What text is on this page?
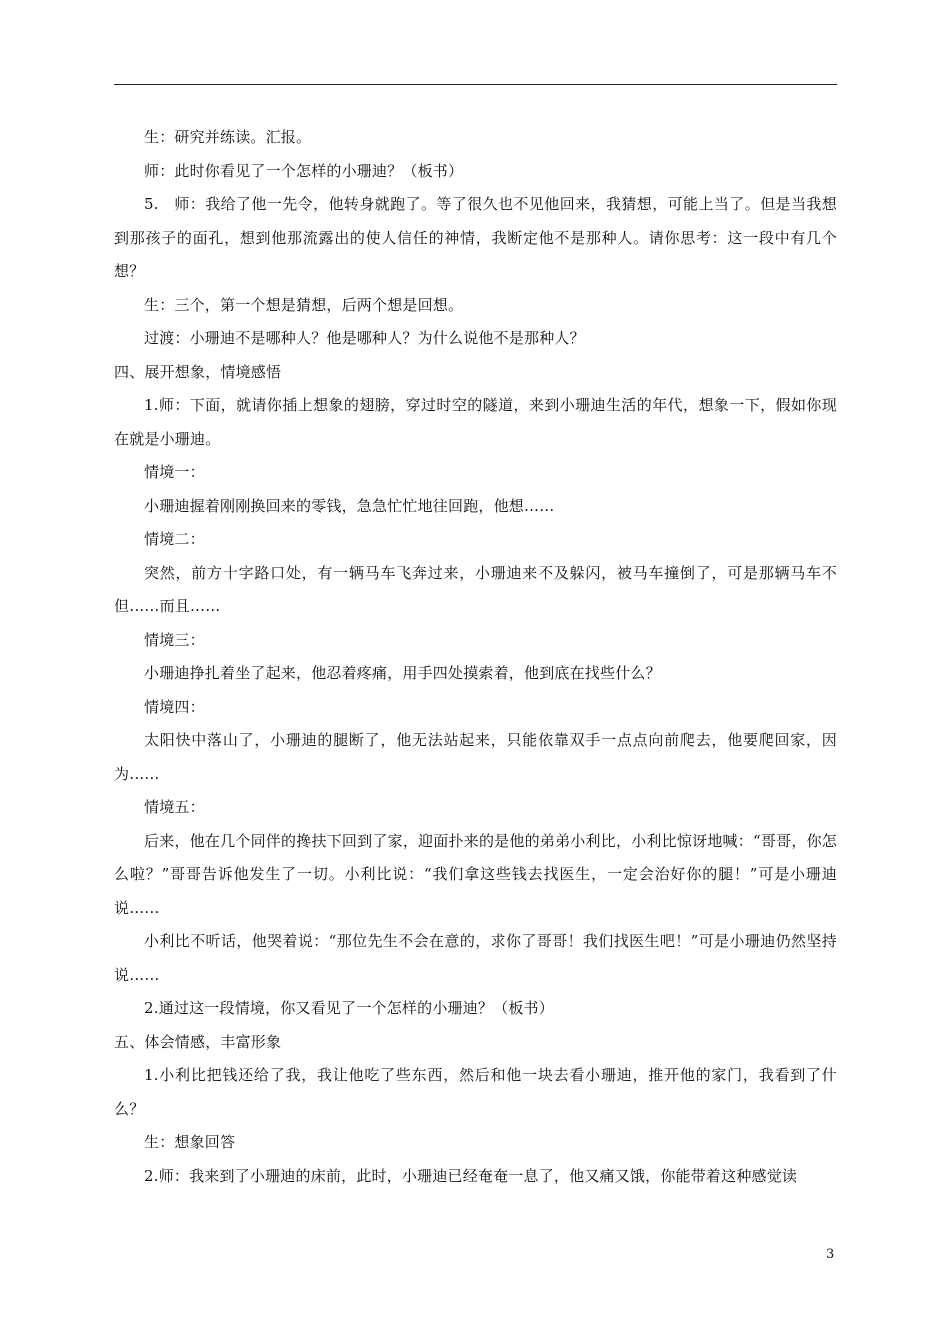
生：研究并练读。汇报。

师：此时你看见了一个怎样的小珊迪？（板书）

5.　师：我给了他一先令，他转身就跑了。等了很久也不见他回来，我猜想，可能上当了。但是当我想到那孩子的面孔，想到他那流露出的使人信任的神情，我断定他不是那种人。请你思考：这一段中有几个想？

生：三个，第一个想是猜想，后两个想是回想。

过渡：小珊迪不是哪种人？他是哪种人？为什么说他不是那种人？

四、展开想象，情境感悟

1.师：下面，就请你插上想象的翅膀，穿过时空的隧道，来到小珊迪生活的年代，想象一下，假如你现在就是小珊迪。

情境一：

小珊迪握着刚刚换回来的零钱，急急忙忙地往回跑，他想……

情境二：

突然，前方十字路口处，有一辆马车飞奔过来，小珊迪来不及躲闪，被马车撞倒了，可是那辆马车不但……而且……

情境三：

小珊迪挣扎着坐了起来，他忍着疼痛，用手四处摸索着，他到底在找些什么？

情境四：

太阳快中落山了，小珊迪的腿断了，他无法站起来，只能依靠双手一点点向前爬去，他要爬回家，因为……

情境五：

后来，他在几个同伴的搀扶下回到了家，迎面扑来的是他的弟弟小利比，小利比惊讶地喊：“哥哥，你怎么啦？”哥哥告诉他发生了一切。小利比说：“我们拿这些钱去找医生，一定会治好你的腿！”可是小珊迪说……

小利比不听话，他哭着说：“那位先生不会在意的，求你了哥哥！我们找医生吧！”可是小珊迪仍然坚持说……

2.通过这一段情境，你又看见了一个怎样的小珊迪？（板书）

五、体会情感，丰富形象

1.小利比把钱还给了我，我让他吃了些东西，然后和他一块去看小珊迪，推开他的家门，我看到了什么？

生：想象回答

2.师：我来到了小珊迪的床前，此时，小珊迪已经奄奄一息了，他又痛又饿，你能带着这种感觉读

3
